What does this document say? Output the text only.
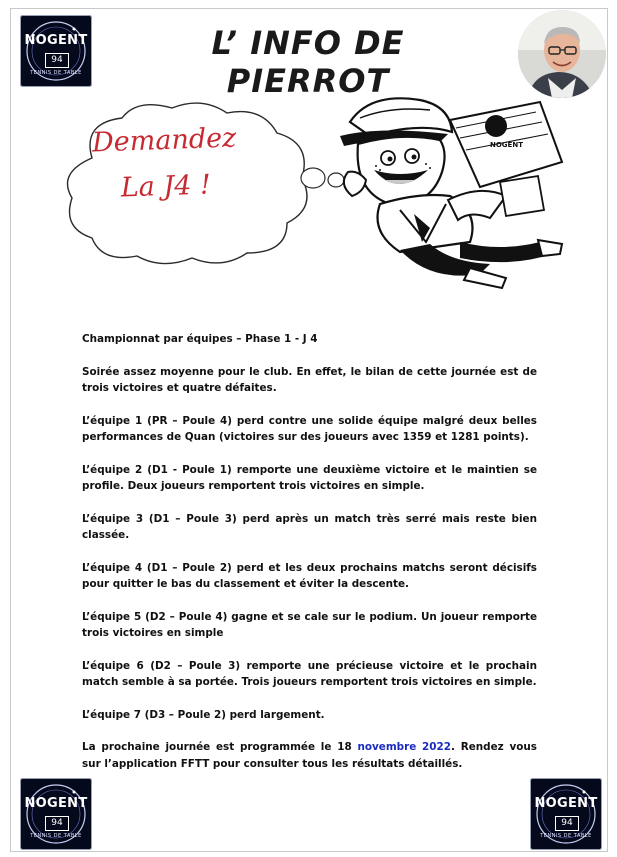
NOGENT
94
TENNIS DE TABLE
L’ INFO DE PIERROT
Demandez
La J4 !
NOGENT

Championnat par équipes – Phase 1 - J 4

Soirée assez moyenne pour le club. En effet, le bilan de cette journée est de trois victoires et quatre défaites.

L’équipe 1 (PR – Poule 4) perd contre une solide équipe malgré deux belles performances de Quan (victoires sur des joueurs avec 1359 et 1281 points).

L’équipe 2 (D1 - Poule 1) remporte une deuxième victoire et le maintien se profile. Deux joueurs remportent trois victoires en simple.

L’équipe 3 (D1 – Poule 3) perd après un match très serré mais reste bien classée.

L’équipe 4 (D1 – Poule 2) perd et les deux prochains matchs seront décisifs pour quitter le bas du classement et éviter la descente.

L’équipe 5 (D2 – Poule 4) gagne et se cale sur le podium. Un joueur remporte trois victoires en simple

L’équipe 6 (D2 – Poule 3) remporte une précieuse victoire et le prochain match semble à sa portée. Trois joueurs remportent trois victoires en simple.

L’équipe 7 (D3 – Poule 2) perd largement.

La prochaine journée est programmée le 18 novembre 2022. Rendez vous sur l’application FFTT pour consulter tous les résultats détaillés.

NOGENT
94
TENNIS DE TABLE
NOGENT
94
TENNIS DE TABLE
